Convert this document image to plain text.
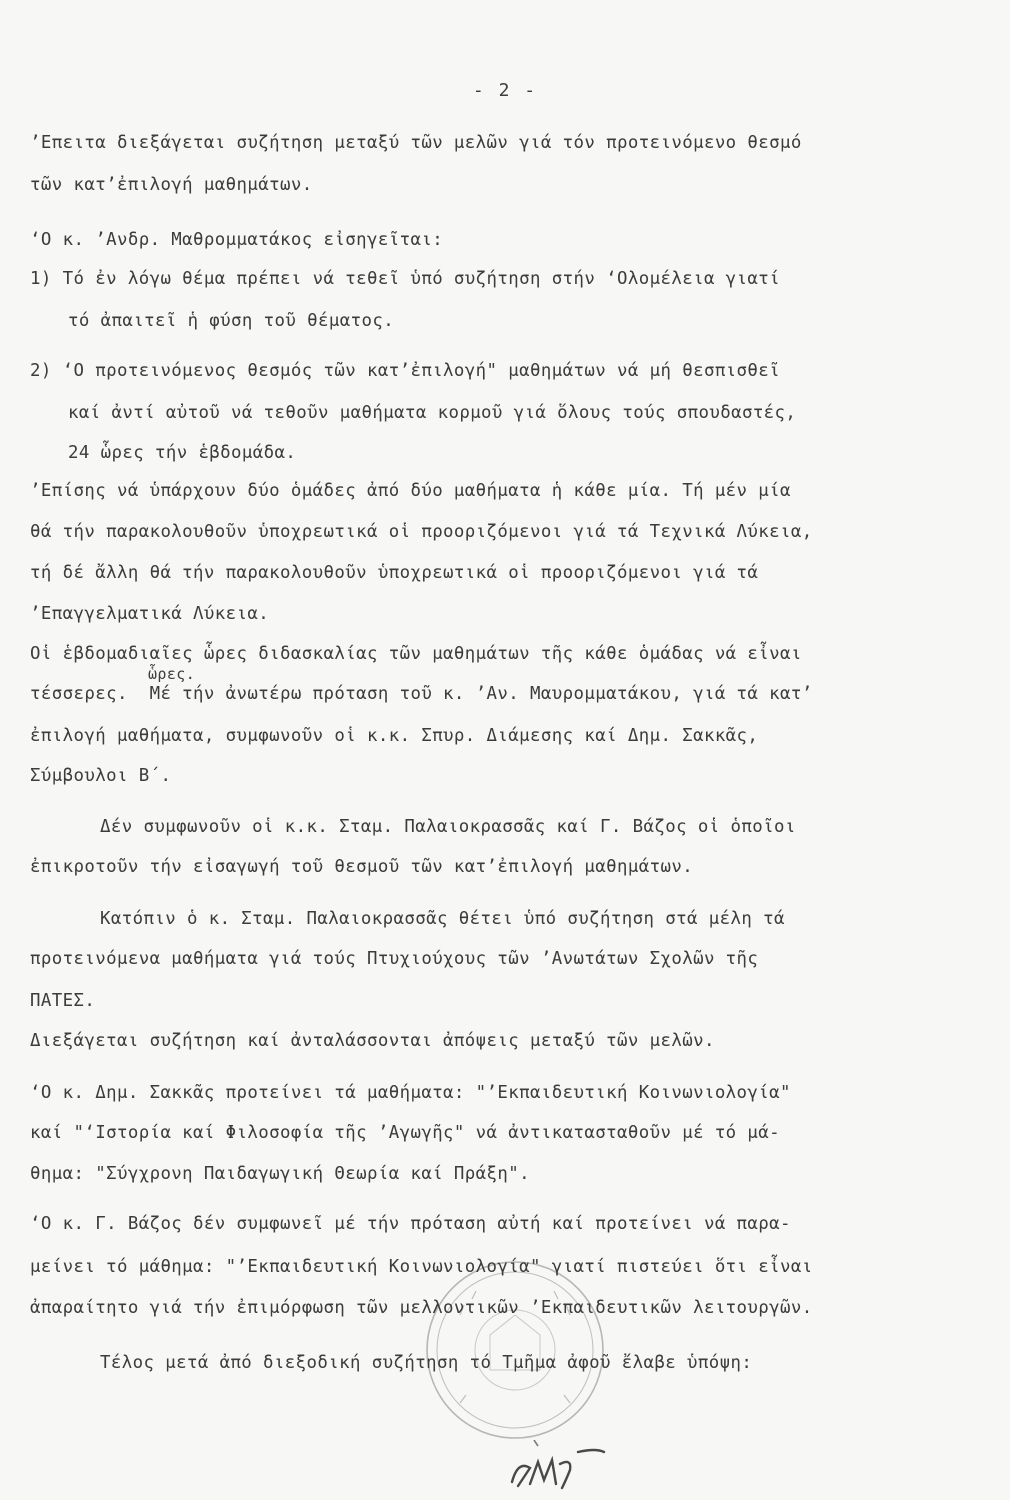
- 2 -
’Επειτα διεξάγεται συζήτηση μεταξύ τῶν μελῶν γιά τόν προτεινόμενο θεσμό
τῶν κατ’ἐπιλογή μαθημάτων.
‘Ο κ. ’Ανδρ. Μαθρομματάκος εἰσηγεῖται:
1) Τό ἐν λόγω θέμα πρέπει νά τεθεῖ ὑπό συζήτηση στήν ‘Ολομέλεια γιατί
τό ἀπαιτεῖ ἡ φύση τοῦ θέματος.
2) ‘Ο προτεινόμενος θεσμός τῶν κατ’ἐπιλογή" μαθημάτων νά μή θεσπισθεῖ
καί ἀντί αὐτοῦ νά τεθοῦν μαθήματα κορμοῦ γιά ὅλους τούς σπουδαστές,
24 ὧρες τήν ἑβδομάδα.
’Επίσης νά ὑπάρχουν δύο ὁμάδες ἀπό δύο μαθήματα ἡ κάθε μία. Τή μέν μία
θά τήν παρακολουθοῦν ὑποχρεωτικά οἱ προοριζόμενοι γιά τά Τεχνικά Λύκεια,
τή δέ ἄλλη θά τήν παρακολουθοῦν ὑποχρεωτικά οἱ προοριζόμενοι γιά τά
’Επαγγελματικά Λύκεια.
Οἱ ἑβδομαδιαῖες ὧρες διδασκαλίας τῶν μαθημάτων τῆς κάθε ὁμάδας νά εἶναι
ὧρες.
τέσσερες.  Μέ τήν ἀνωτέρω πρόταση τοῦ κ. ’Αν. Μαυρομματάκου, γιά τά κατ’
ἐπιλογή μαθήματα, συμφωνοῦν οἱ κ.κ. Σπυρ. Διάμεσης καί Δημ. Σακκᾶς,
Σύμβουλοι Β´.
Δέν συμφωνοῦν οἱ κ.κ. Σταμ. Παλαιοκρασσᾶς καί Γ. Βάζος οἱ ὁποῖοι
ἐπικροτοῦν τήν εἰσαγωγή τοῦ θεσμοῦ τῶν κατ’ἐπιλογή μαθημάτων.
Κατόπιν ὁ κ. Σταμ. Παλαιοκρασσᾶς θέτει ὑπό συζήτηση στά μέλη τά
προτεινόμενα μαθήματα γιά τούς Πτυχιούχους τῶν ’Ανωτάτων Σχολῶν τῆς
ΠΑΤΕΣ.
Διεξάγεται συζήτηση καί ἀνταλάσσονται ἀπόψεις μεταξύ τῶν μελῶν.
‘Ο κ. Δημ. Σακκᾶς προτείνει τά μαθήματα: "’Εκπαιδευτική Κοινωνιολογία"
καί "‘Ιστορία καί Φιλοσοφία τῆς ’Αγωγῆς" νά ἀντικατασταθοῦν μέ τό μά-
θημα: "Σύγχρονη Παιδαγωγική Θεωρία καί Πράξη".
‘Ο κ. Γ. Βάζος δέν συμφωνεῖ μέ τήν πρόταση αὐτή καί προτείνει νά παρα-
μείνει τό μάθημα: "’Εκπαιδευτική Κοινωνιολογία" γιατί πιστεύει ὅτι εἶναι
ἀπαραίτητο γιά τήν ἐπιμόρφωση τῶν μελλοντικῶν ’Εκπαιδευτικῶν λειτουργῶν.
Τέλος μετά ἀπό διεξοδική συζήτηση τό Τμῆμα ἀφοῦ ἔλαβε ὑπόψη:
